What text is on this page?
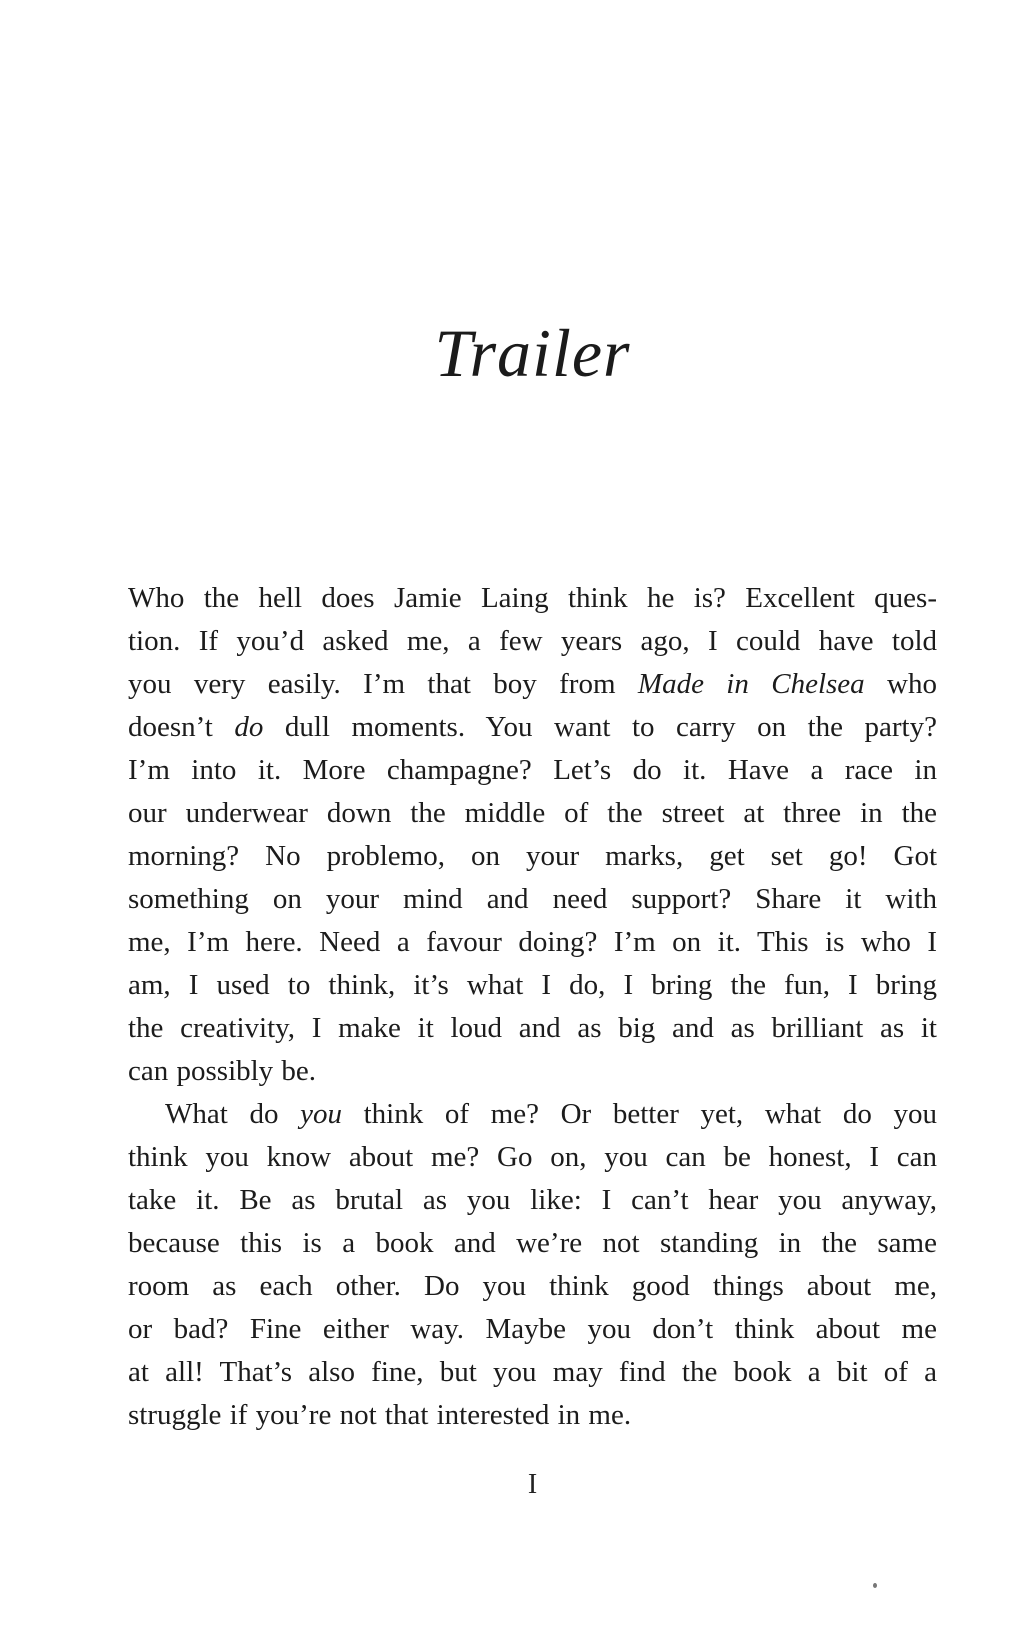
Trailer
Who the hell does Jamie Laing think he is? Excellent ques-
tion. If you’d asked me, a few years ago, I could have told
you very easily. I’m that boy from Made in Chelsea who
doesn’t do dull moments. You want to carry on the party?
I’m into it. More champagne? Let’s do it. Have a race in
our underwear down the middle of the street at three in the
morning? No problemo, on your marks, get set go! Got
something on your mind and need support? Share it with
me, I’m here. Need a favour doing? I’m on it. This is who I
am, I used to think, it’s what I do, I bring the fun, I bring
the creativity, I make it loud and as big and as brilliant as it
can possibly be.
What do you think of me? Or better yet, what do you
think you know about me? Go on, you can be honest, I can
take it. Be as brutal as you like: I can’t hear you anyway,
because this is a book and we’re not standing in the same
room as each other. Do you think good things about me,
or bad? Fine either way. Maybe you don’t think about me
at all! That’s also fine, but you may find the book a bit of a
struggle if you’re not that interested in me.
I
